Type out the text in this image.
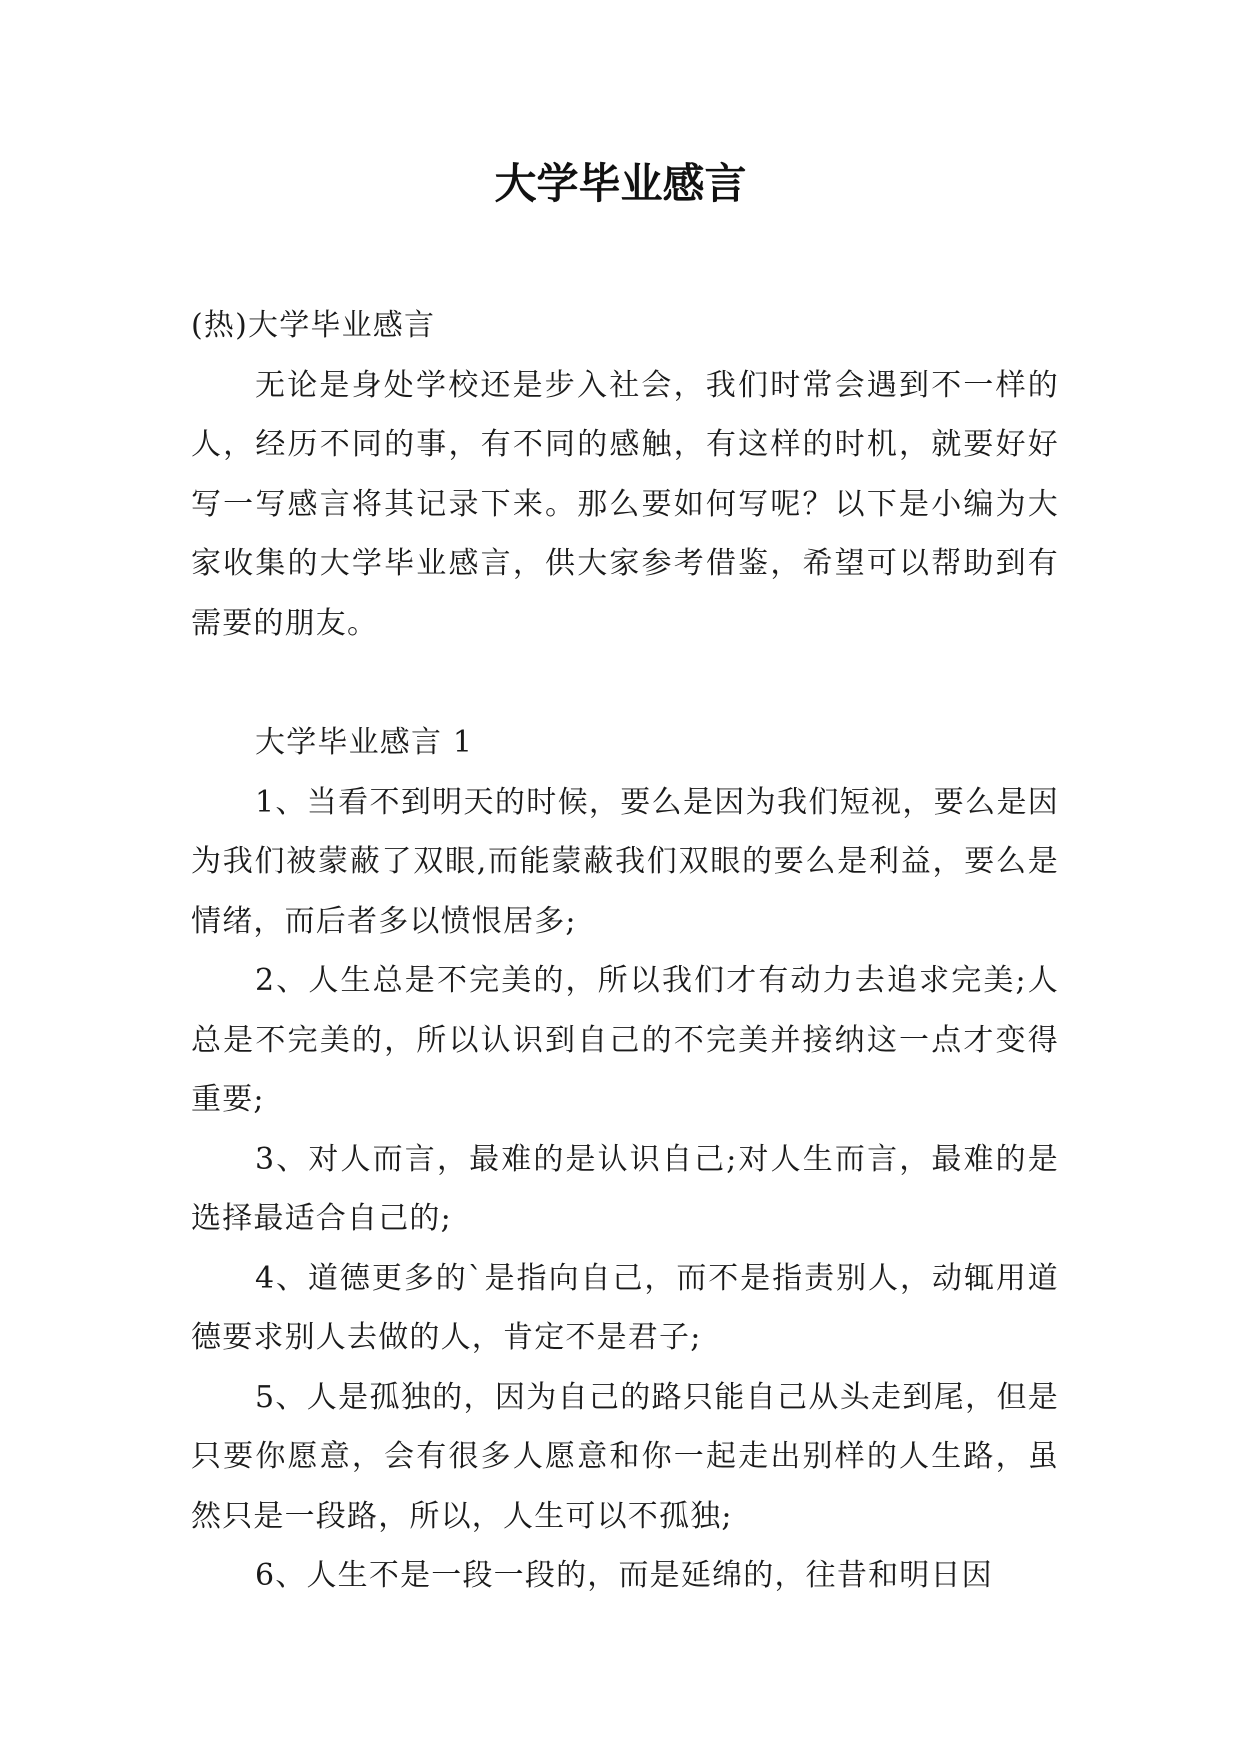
大学毕业感言

(热)大学毕业感言

无论是身处学校还是步入社会，我们时常会遇到不一样的人，经历不同的事，有不同的感触，有这样的时机，就要好好写一写感言将其记录下来。那么要如何写呢？以下是小编为大家收集的大学毕业感言，供大家参考借鉴，希望可以帮助到有需要的朋友。

大学毕业感言 1

1、当看不到明天的时候，要么是因为我们短视，要么是因为我们被蒙蔽了双眼,而能蒙蔽我们双眼的要么是利益，要么是情绪，而后者多以愤恨居多;

2、人生总是不完美的，所以我们才有动力去追求完美;人总是不完美的，所以认识到自己的不完美并接纳这一点才变得重要;

3、对人而言，最难的是认识自己;对人生而言，最难的是选择最适合自己的;

4、道德更多的`是指向自己，而不是指责别人，动辄用道德要求别人去做的人，肯定不是君子;

5、人是孤独的，因为自己的路只能自己从头走到尾，但是只要你愿意，会有很多人愿意和你一起走出别样的人生路，虽然只是一段路，所以，人生可以不孤独;

6、人生不是一段一段的，而是延绵的，往昔和明日因
